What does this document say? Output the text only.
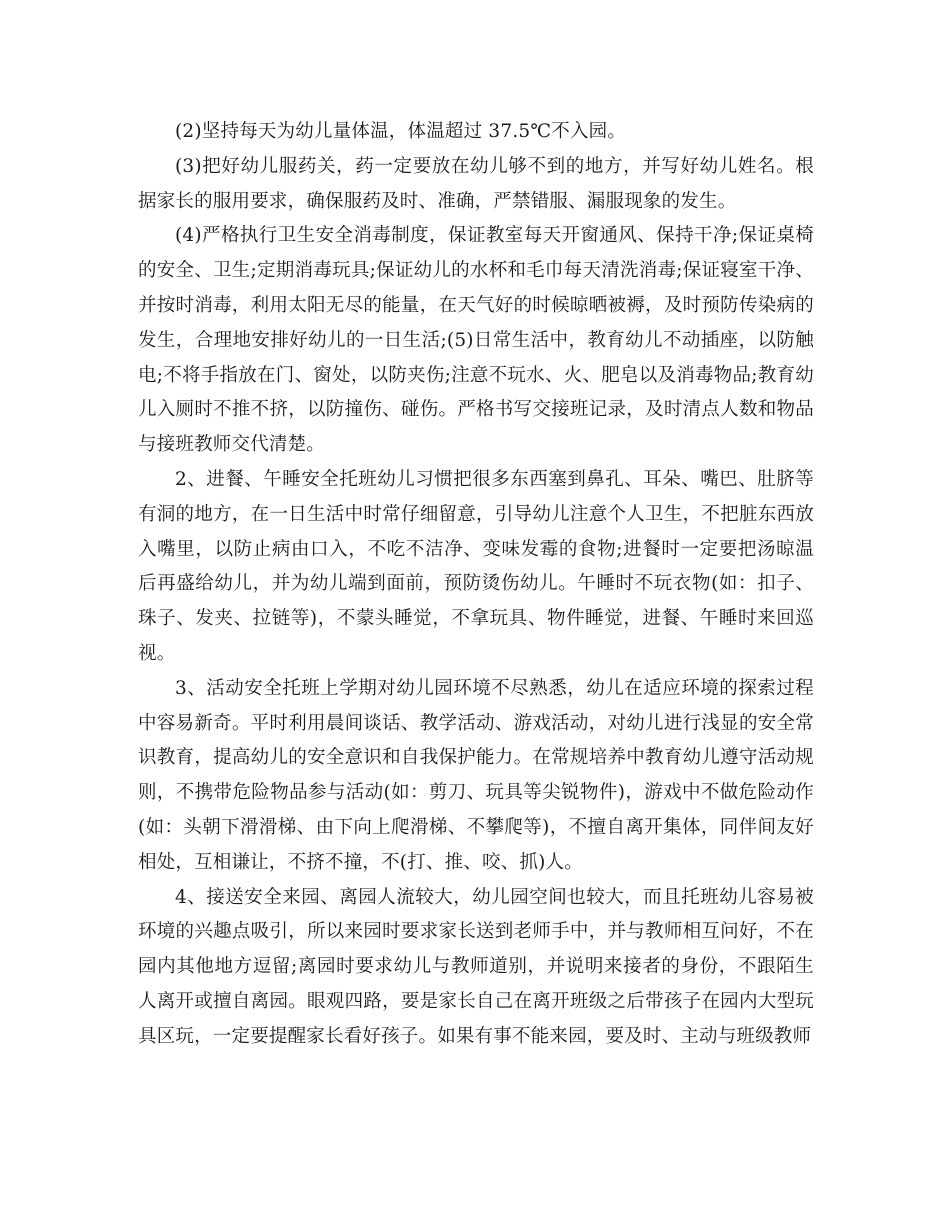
(2)坚持每天为幼儿量体温，体温超过 37.5℃不入园。

(3)把好幼儿服药关，药一定要放在幼儿够不到的地方，并写好幼儿姓名。根据家长的服用要求，确保服药及时、准确，严禁错服、漏服现象的发生。

(4)严格执行卫生安全消毒制度，保证教室每天开窗通风、保持干净;保证桌椅的安全、卫生;定期消毒玩具;保证幼儿的水杯和毛巾每天清洗消毒;保证寝室干净、并按时消毒，利用太阳无尽的能量，在天气好的时候晾晒被褥，及时预防传染病的发生，合理地安排好幼儿的一日生活;(5)日常生活中，教育幼儿不动插座，以防触电;不将手指放在门、窗处，以防夹伤;注意不玩水、火、肥皂以及消毒物品;教育幼儿入厕时不推不挤，以防撞伤、碰伤。严格书写交接班记录，及时清点人数和物品与接班教师交代清楚。

2、进餐、午睡安全托班幼儿习惯把很多东西塞到鼻孔、耳朵、嘴巴、肚脐等有洞的地方，在一日生活中时常仔细留意，引导幼儿注意个人卫生，不把脏东西放入嘴里，以防止病由口入，不吃不洁净、变味发霉的食物;进餐时一定要把汤晾温后再盛给幼儿，并为幼儿端到面前，预防烫伤幼儿。午睡时不玩衣物(如：扣子、珠子、发夹、拉链等)，不蒙头睡觉，不拿玩具、物件睡觉，进餐、午睡时来回巡视。

3、活动安全托班上学期对幼儿园环境不尽熟悉，幼儿在适应环境的探索过程中容易新奇。平时利用晨间谈话、教学活动、游戏活动，对幼儿进行浅显的安全常识教育，提高幼儿的安全意识和自我保护能力。在常规培养中教育幼儿遵守活动规则，不携带危险物品参与活动(如：剪刀、玩具等尖锐物件)，游戏中不做危险动作(如：头朝下滑滑梯、由下向上爬滑梯、不攀爬等)，不擅自离开集体，同伴间友好相处，互相谦让，不挤不撞，不(打、推、咬、抓)人。

4、接送安全来园、离园人流较大，幼儿园空间也较大，而且托班幼儿容易被环境的兴趣点吸引，所以来园时要求家长送到老师手中，并与教师相互问好，不在园内其他地方逗留;离园时要求幼儿与教师道别，并说明来接者的身份，不跟陌生人离开或擅自离园。眼观四路，要是家长自己在离开班级之后带孩子在园内大型玩具区玩，一定要提醒家长看好孩子。如果有事不能来园，要及时、主动与班级教师
